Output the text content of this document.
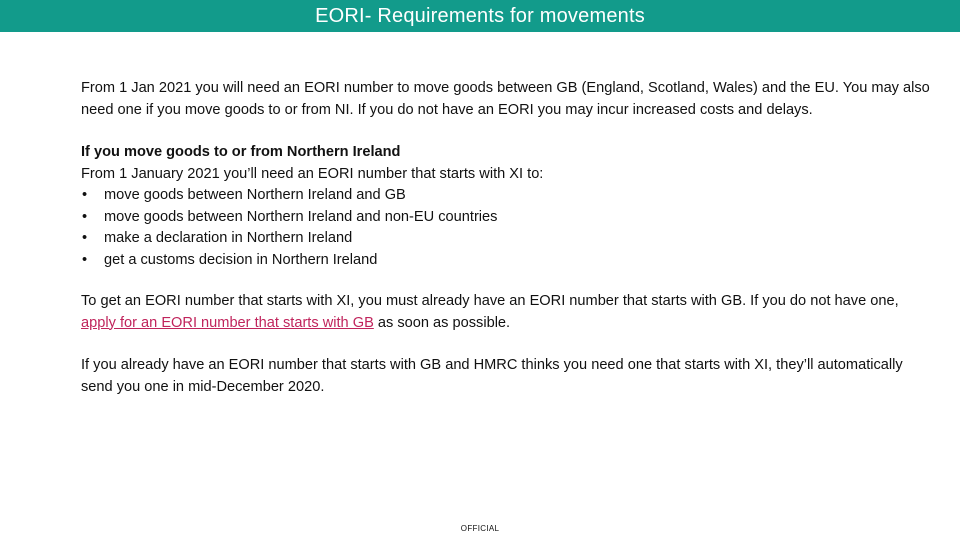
EORI- Requirements for movements

From 1 Jan 2021 you will need an EORI number to move goods between GB (England, Scotland, Wales) and the EU. You may also need one if you move goods to or from NI. If you do not have an EORI you may incur increased costs and delays.

If you move goods to or from Northern Ireland

From 1 January 2021 you’ll need an EORI number that starts with XI to:

• move goods between Northern Ireland and GB
• move goods between Northern Ireland and non-EU countries
• make a declaration in Northern Ireland
• get a customs decision in Northern Ireland

To get an EORI number that starts with XI, you must already have an EORI number that starts with GB. If you do not have one, apply for an EORI number that starts with GB as soon as possible.

If you already have an EORI number that starts with GB and HMRC thinks you need one that starts with XI, they’ll automatically send you one in mid-December 2020.

OFFICIAL
